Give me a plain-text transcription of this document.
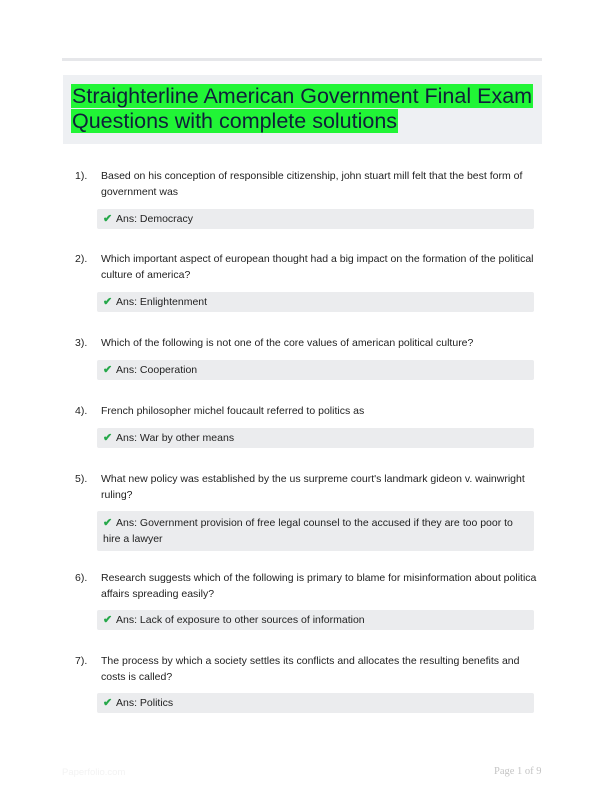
Straighterline American Government Final Exam
Questions with complete solutions
1). Based on his conception of responsible citizenship, john stuart mill felt that the best form of government was
✔ Ans: Democracy
2). Which important aspect of european thought had a big impact on the formation of the political culture of america?
✔ Ans: Enlightenment
3). Which of the following is not one of the core values of american political culture?
✔ Ans: Cooperation
4). French philosopher michel foucault referred to politics as
✔ Ans: War by other means
5). What new policy was established by the us surpreme court's landmark gideon v. wainwright ruling?
✔ Ans: Government provision of free legal counsel to the accused if they are too poor to hire a lawyer
6). Research suggests which of the following is primary to blame for misinformation about politica affairs spreading easily?
✔ Ans: Lack of exposure to other sources of information
7). The process by which a society settles its conflicts and allocates the resulting benefits and costs is called?
✔ Ans: Politics
Paperfolio.com	Page 1 of 9
